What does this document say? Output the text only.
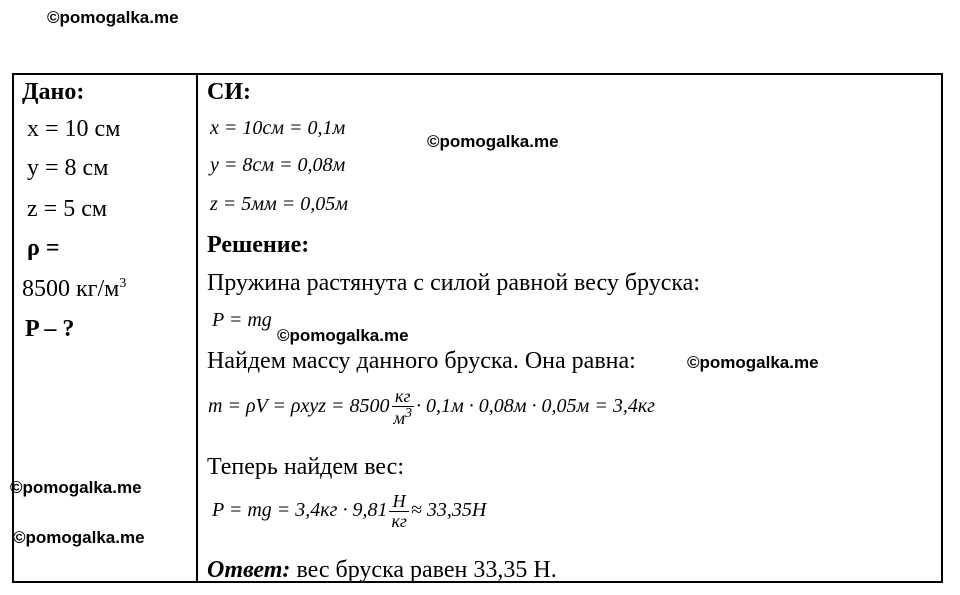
©pomogalka.me
©pomogalka.me
©pomogalka.me
©pomogalka.me
©pomogalka.me
©pomogalka.me
Дано:
x = 10 см
y = 8 см
z = 5 см
ρ =
8500 $кг/м^3$
P – ?
СИ:
x = 10см = 0,1м
y = 8см = 0,08м
z = 5мм = 0,05м
Решение:
Пружина растянута с силой равной весу бруска:
P = mg
Найдем массу данного бруска. Она равна:
$m = \rho V = \rho xyz = 8500 \frac{кг}{м^3} \cdot 0,1м \cdot 0,08м \cdot 0,05м = 3,4кг$
Теперь найдем вес:
P = mg = $3,4кг \cdot 9,81 \frac{Н}{кг} \approx 33,35Н$
Ответ: вес бруска равен 33,35 Н.
